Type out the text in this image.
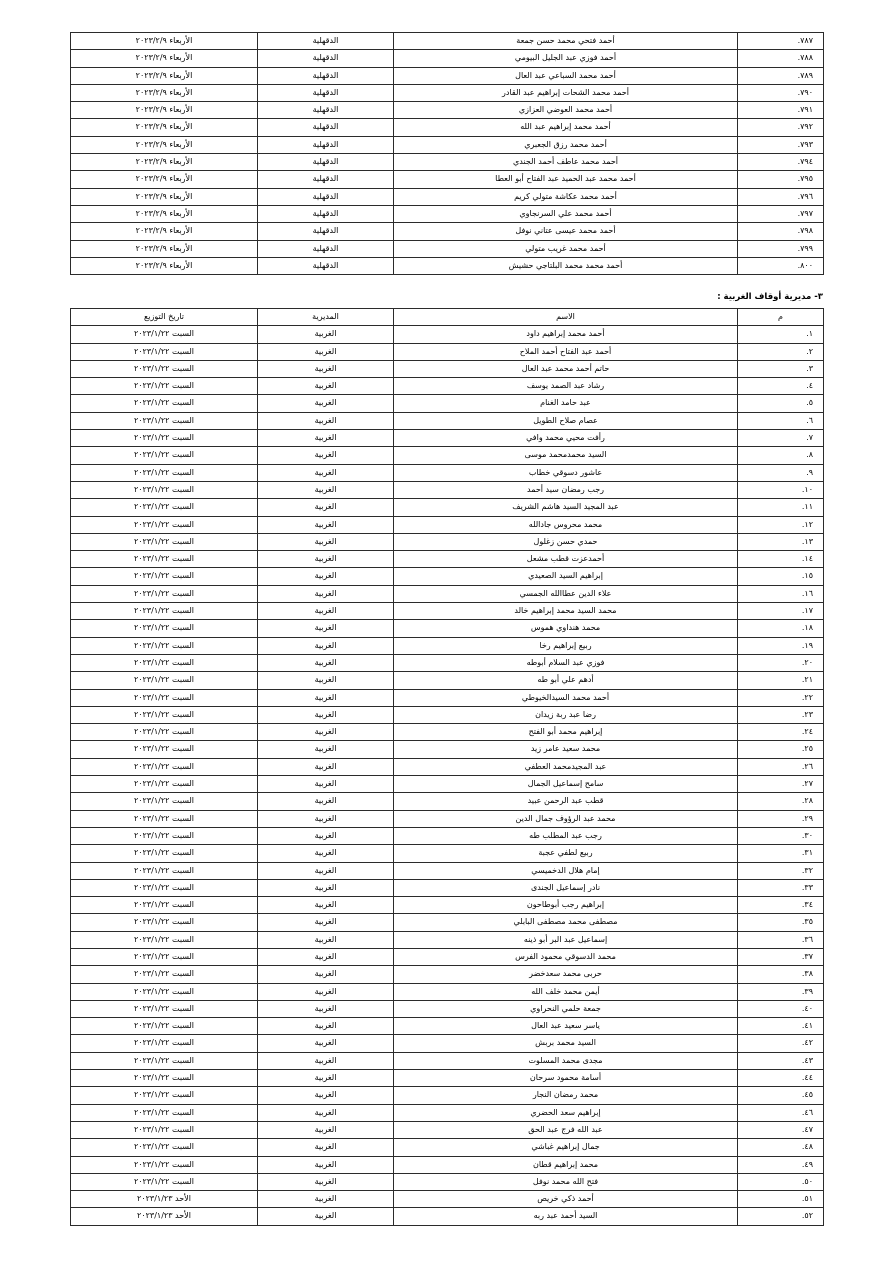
٧٨٧.	أحمد فتحي محمد حسن جمعة	الدقهلية	الأربعاء ٢٠٢٣/٢/٩
٧٨٨.	أحمد فوزي عبد الجليل البيومي	الدقهلية	الأربعاء ٢٠٢٣/٢/٩
٧٨٩.	أحمد محمد السباعي عبد العال	الدقهلية	الأربعاء ٢٠٢٣/٢/٩
٧٩٠.	أحمد محمد الشحات إبراهيم عبد القادر	الدقهلية	الأربعاء ٢٠٢٣/٢/٩
٧٩١.	أحمد محمد العوضي العزازي	الدقهلية	الأربعاء ٢٠٢٣/٢/٩
٧٩٢.	أحمد محمد إبراهيم عبد الله	الدقهلية	الأربعاء ٢٠٢٣/٢/٩
٧٩٣.	أحمد محمد رزق الجعبري	الدقهلية	الأربعاء ٢٠٢٣/٢/٩
٧٩٤.	أحمد محمد عاطف أحمد الجندي	الدقهلية	الأربعاء ٢٠٢٣/٢/٩
٧٩٥.	أحمد محمد عبد الحميد عبد الفتاح أبو العطا	الدقهلية	الأربعاء ٢٠٢٣/٢/٩
٧٩٦.	أحمد محمد عكاشة متولي كريم	الدقهلية	الأربعاء ٢٠٢٣/٢/٩
٧٩٧.	أحمد محمد علي السرنجاوي	الدقهلية	الأربعاء ٢٠٢٣/٢/٩
٧٩٨.	أحمد محمد عيسى عتاني نوفل	الدقهلية	الأربعاء ٢٠٢٣/٢/٩
٧٩٩.	أحمد محمد غريب متولي	الدقهلية	الأربعاء ٢٠٢٣/٢/٩
٨٠٠.	أحمد محمد محمد البلتاجي حشيش	الدقهلية	الأربعاء ٢٠٢٣/٢/٩
٣- مديرية أوقاف الغربية :
م	الاسم	المديرية	تاريخ التوزيع
١.	أحمد محمد إبراهيم داود	الغربية	السبت ٢٠٢٣/١/٢٢
٢.	أحمد عبد الفتاح أحمد الملاح	الغربية	السبت ٢٠٢٣/١/٢٢
٣.	حاتم أحمد محمد عبد العال	الغربية	السبت ٢٠٢٣/١/٢٢
٤.	رشاد عبد الصمد يوسف	الغربية	السبت ٢٠٢٣/١/٢٢
٥.	عبد حامد الغنام	الغربية	السبت ٢٠٢٣/١/٢٢
٦.	عصام صلاح الطويل	الغربية	السبت ٢٠٢٣/١/٢٢
٧.	رأفت محيي محمد وافي	الغربية	السبت ٢٠٢٣/١/٢٢
٨.	السيد محمدمحمد موسى	الغربية	السبت ٢٠٢٣/١/٢٢
٩.	عاشور دسوقي خطاب	الغربية	السبت ٢٠٢٣/١/٢٢
١٠.	رجب رمضان سيد أحمد	الغربية	السبت ٢٠٢٣/١/٢٢
١١.	عبد المجيد السيد هاشم الشريف	الغربية	السبت ٢٠٢٣/١/٢٢
١٢.	محمد محروس جادالله	الغربية	السبت ٢٠٢٣/١/٢٢
١٣.	حمدي حسن زغلول	الغربية	السبت ٢٠٢٣/١/٢٢
١٤.	أحمدعزت قطب مشعل	الغربية	السبت ٢٠٢٣/١/٢٢
١٥.	إبراهيم السيد الصعيدي	الغربية	السبت ٢٠٢٣/١/٢٢
١٦.	علاء الدين عطاالله الجمسي	الغربية	السبت ٢٠٢٣/١/٢٢
١٧.	محمد السيد محمد إبراهيم خالد	الغربية	السبت ٢٠٢٣/١/٢٢
١٨.	محمد هنداوي هموس	الغربية	السبت ٢٠٢٣/١/٢٢
١٩.	ربيع إبراهيم رخا	الغربية	السبت ٢٠٢٣/١/٢٢
٢٠.	فوزي عبد السلام أبوطه	الغربية	السبت ٢٠٢٣/١/٢٢
٢١.	أدهم علي أبو طه	الغربية	السبت ٢٠٢٣/١/٢٢
٢٢.	أحمد محمد السيدالخيوطي	الغربية	السبت ٢٠٢٣/١/٢٢
٢٣.	رضا عبد ربة زيدان	الغربية	السبت ٢٠٢٣/١/٢٢
٢٤.	إبراهيم محمد أبو الفتح	الغربية	السبت ٢٠٢٣/١/٢٢
٢٥.	محمد سعيد عامر زيد	الغربية	السبت ٢٠٢٣/١/٢٢
٢٦.	عبد المجيدمحمد العطفي	الغربية	السبت ٢٠٢٣/١/٢٢
٢٧.	سامح إسماعيل الجمال	الغربية	السبت ٢٠٢٣/١/٢٢
٢٨.	قطب عبد الرحمن عبيد	الغربية	السبت ٢٠٢٣/١/٢٢
٢٩.	محمد عبد الرؤوف جمال الدين	الغربية	السبت ٢٠٢٣/١/٢٢
٣٠.	رجب عبد المطلب طه	الغربية	السبت ٢٠٢٣/١/٢٢
٣١.	ربيع لطفي عجبة	الغربية	السبت ٢٠٢٣/١/٢٢
٣٢.	إمام هلال الدخميسي	الغربية	السبت ٢٠٢٣/١/٢٢
٣٣.	نادر إسماعيل الجندى	الغربية	السبت ٢٠٢٣/١/٢٢
٣٤.	إبراهيم رجب أبوطاحون	الغربية	السبت ٢٠٢٣/١/٢٢
٣٥.	مصطفى محمد مصطفى البابلي	الغربية	السبت ٢٠٢٣/١/٢٢
٣٦.	إسماعيل عبد البر أبو ذينه	الغربية	السبت ٢٠٢٣/١/٢٢
٣٧.	محمد الدسوقي محمود الفرس	الغربية	السبت ٢٠٢٣/١/٢٢
٣٨.	حربى محمد سعدخضر	الغربية	السبت ٢٠٢٣/١/٢٢
٣٩.	أيمن محمد خلف الله	الغربية	السبت ٢٠٢٣/١/٢٢
٤٠.	جمعة حلمي النحراوي	الغربية	السبت ٢٠٢٣/١/٢٢
٤١.	ياسر سعيد عبد العال	الغربية	السبت ٢٠٢٣/١/٢٢
٤٢.	السيد محمد بربش	الغربية	السبت ٢٠٢٣/١/٢٢
٤٣.	مجدى محمد المسلوت	الغربية	السبت ٢٠٢٣/١/٢٢
٤٤.	أسامة محمود سرحان	الغربية	السبت ٢٠٢٣/١/٢٢
٤٥.	محمد رمضان النجار	الغربية	السبت ٢٠٢٣/١/٢٢
٤٦.	إبراهيم سعد الحضري	الغربية	السبت ٢٠٢٣/١/٢٢
٤٧.	عبد الله فرج عبد الحق	الغربية	السبت ٢٠٢٣/١/٢٢
٤٨.	جمال إبراهيم غباشي	الغربية	السبت ٢٠٢٣/١/٢٢
٤٩.	محمد إبراهيم قطان	الغربية	السبت ٢٠٢٣/١/٢٢
٥٠.	فتح الله محمد نوفل	الغربية	السبت ٢٠٢٣/١/٢٢
٥١.	أحمد ذكي خريص	الغربية	الأحد ٢٠٢٣/١/٢٣
٥٢.	السيد أحمد عبد ربه	الغربية	الأحد ٢٠٢٣/١/٢٣
